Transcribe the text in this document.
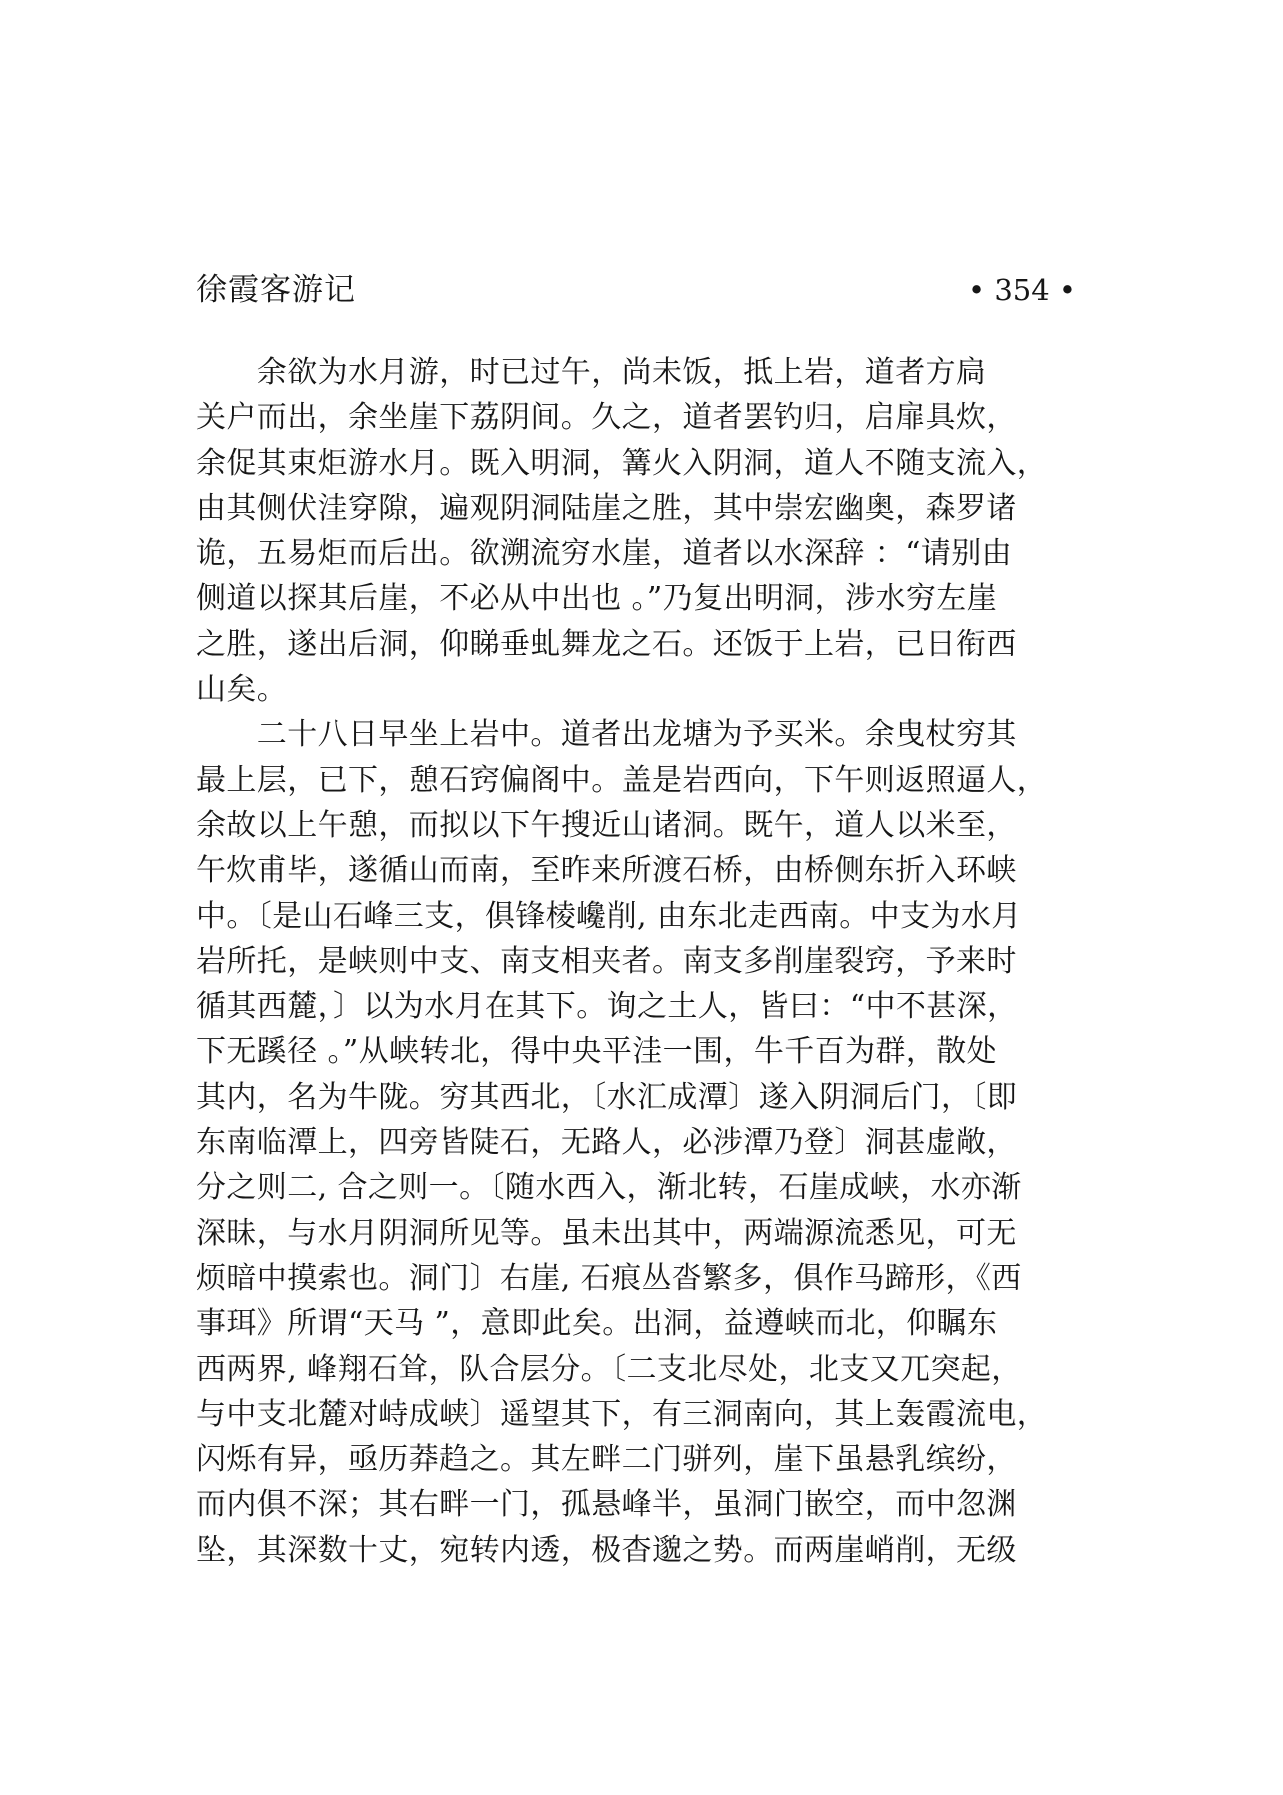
徐霞客游记	• 354 •
　　余欲为水月游，时已过午，尚未饭，抵上岩，道者方扃
关户而出，余坐崖下荔阴间。久之，道者罢钓归，启扉具炊，
余促其束炬游水月。既入明洞，篝火入阴洞，道人不随支流入，
由其侧伏洼穿隙，遍观阴洞陆崖之胜，其中崇宏幽奥，森罗诸
诡，五易炬而后出。欲溯流穷水崖，道者以水深辞 ：“请别由
侧道以探其后崖，不必从中出也 。”乃复出明洞，涉水穷左崖
之胜，遂出后洞，仰睇垂虬舞龙之石。还饭于上岩，已日衔西
山矣。
　　二十八日早坐上岩中。道者出龙塘为予买米。余曳杖穷其
最上层，已下，憩石窍偏阁中。盖是岩西向，下午则返照逼人，
余故以上午憩，而拟以下午搜近山诸洞。既午，道人以米至，
午炊甫毕，遂循山而南，至昨来所渡石桥，由桥侧东折入环峡
中。〔是山石峰三支，俱锋棱巉削, 由东北走西南。中支为水月
岩所托，是峡则中支、南支相夹者。南支多削崖裂窍，予来时
循其西麓，〕以为水月在其下。询之土人，皆曰：“中不甚深，
下无蹊径 。”从峡转北，得中央平洼一围，牛千百为群，散处
其内，名为牛陇。穷其西北，〔水汇成潭〕遂入阴洞后门，〔即
东南临潭上，四旁皆陡石，无路人，必涉潭乃登〕洞甚虚敞，
分之则二, 合之则一。〔随水西入，渐北转，石崖成峡，水亦渐
深昧，与水月阴洞所见等。虽未出其中，两端源流悉见，可无
烦暗中摸索也。洞门〕右崖, 石痕丛沓繁多，俱作马蹄形，《西
事珥》所谓“天马 ”，意即此矣。出洞，益遵峡而北，仰瞩东
西两界, 峰翔石耸，队合层分。〔二支北尽处，北支又兀突起，
与中支北麓对峙成峡〕遥望其下，有三洞南向，其上轰霞流电，
闪烁有异，亟历莽趋之。其左畔二门骈列，崖下虽悬乳缤纷，
而内俱不深；其右畔一门，孤悬峰半，虽洞门嵌空，而中忽渊
坠，其深数十丈，宛转内透，极杳邈之势。而两崖峭削，无级
